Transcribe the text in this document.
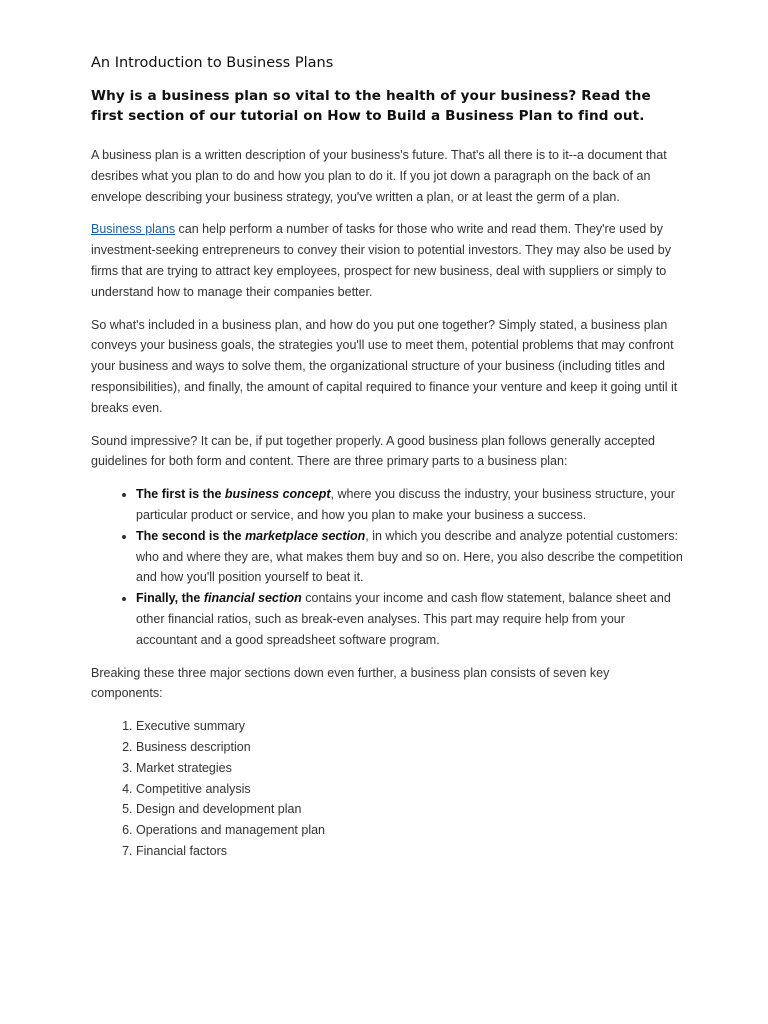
An Introduction to Business Plans
Why is a business plan so vital to the health of your business? Read the first section of our tutorial on How to Build a Business Plan to find out.

A business plan is a written description of your business's future. That's all there is to it--a document that desribes what you plan to do and how you plan to do it. If you jot down a paragraph on the back of an envelope describing your business strategy, you've written a plan, or at least the germ of a plan.

Business plans can help perform a number of tasks for those who write and read them. They're used by investment-seeking entrepreneurs to convey their vision to potential investors. They may also be used by firms that are trying to attract key employees, prospect for new business, deal with suppliers or simply to understand how to manage their companies better.

So what's included in a business plan, and how do you put one together? Simply stated, a business plan conveys your business goals, the strategies you'll use to meet them, potential problems that may confront your business and ways to solve them, the organizational structure of your business (including titles and responsibilities), and finally, the amount of capital required to finance your venture and keep it going until it breaks even.

Sound impressive? It can be, if put together properly. A good business plan follows generally accepted guidelines for both form and content. There are three primary parts to a business plan:

• The first is the business concept, where you discuss the industry, your business structure, your particular product or service, and how you plan to make your business a success.
• The second is the marketplace section, in which you describe and analyze potential customers: who and where they are, what makes them buy and so on. Here, you also describe the competition and how you'll position yourself to beat it.
• Finally, the financial section contains your income and cash flow statement, balance sheet and other financial ratios, such as break-even analyses. This part may require help from your accountant and a good spreadsheet software program.

Breaking these three major sections down even further, a business plan consists of seven key components:

1. Executive summary
2. Business description
3. Market strategies
4. Competitive analysis
5. Design and development plan
6. Operations and management plan
7. Financial factors
